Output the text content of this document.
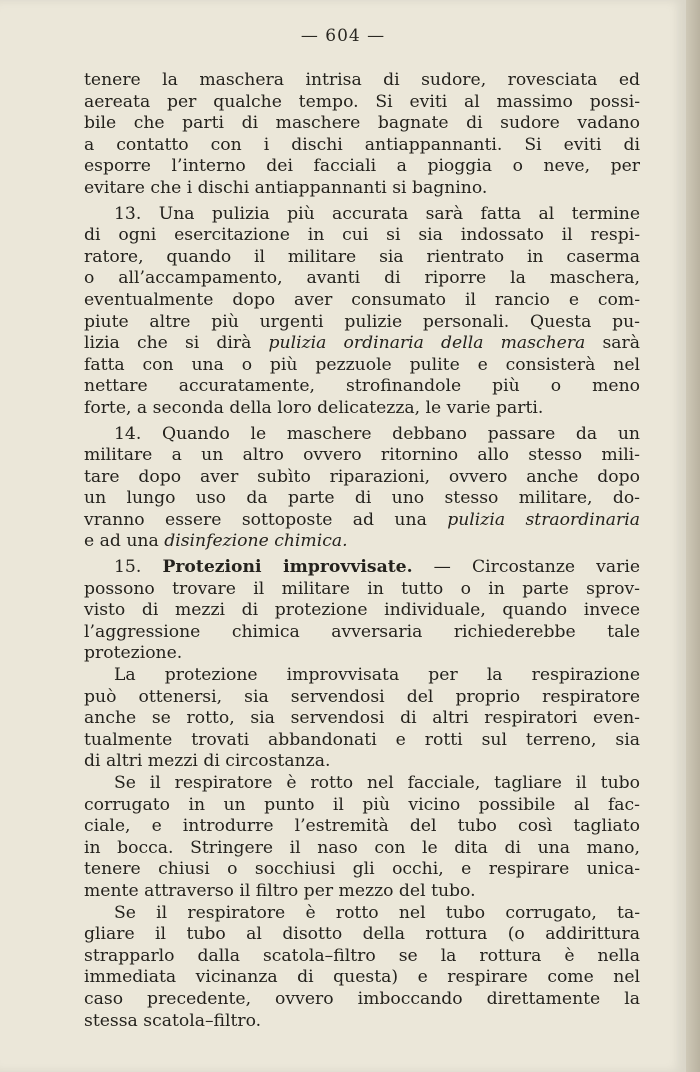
— 604 —
tenere la maschera intrisa di sudore, rovesciata ed
aereata per qualche tempo. Si eviti al massimo possi-
bile che parti di maschere bagnate di sudore vadano
a contatto con i dischi antiappannanti. Si eviti di
esporre l’interno dei facciali a pioggia o neve, per
evitare che i dischi antiappannanti si bagnino.
13. Una pulizia più accurata sarà fatta al termine
di ogni esercitazione in cui si sia indossato il respi-
ratore, quando il militare sia rientrato in caserma
o all’accampamento, avanti di riporre la maschera,
eventualmente dopo aver consumato il rancio e com-
piute altre più urgenti pulizie personali. Questa pu-
lizia che si dirà pulizia ordinaria della maschera sarà
fatta con una o più pezzuole pulite e consisterà nel
nettare accuratamente, strofinandole più o meno
forte, a seconda della loro delicatezza, le varie parti.
14. Quando le maschere debbano passare da un
militare a un altro ovvero ritornino allo stesso mili-
tare dopo aver subìto riparazioni, ovvero anche dopo
un lungo uso da parte di uno stesso militare, do-
vranno essere sottoposte ad una pulizia straordinaria
e ad una disinfezione chimica.
15. Protezioni improvvisate. — Circostanze varie
possono trovare il militare in tutto o in parte sprov-
visto di mezzi di protezione individuale, quando invece
l’aggressione chimica avversaria richiederebbe tale
protezione.
La protezione improvvisata per la respirazione
può ottenersi, sia servendosi del proprio respiratore
anche se rotto, sia servendosi di altri respiratori even-
tualmente trovati abbandonati e rotti sul terreno, sia
di altri mezzi di circostanza.
Se il respiratore è rotto nel facciale, tagliare il tubo
corrugato in un punto il più vicino possibile al fac-
ciale, e introdurre l’estremità del tubo così tagliato
in bocca. Stringere il naso con le dita di una mano,
tenere chiusi o socchiusi gli occhi, e respirare unica-
mente attraverso il filtro per mezzo del tubo.
Se il respiratore è rotto nel tubo corrugato, ta-
gliare il tubo al disotto della rottura (o addirittura
strapparlo dalla scatola–filtro se la rottura è nella
immediata vicinanza di questa) e respirare come nel
caso precedente, ovvero imboccando direttamente la
stessa scatola–filtro.
